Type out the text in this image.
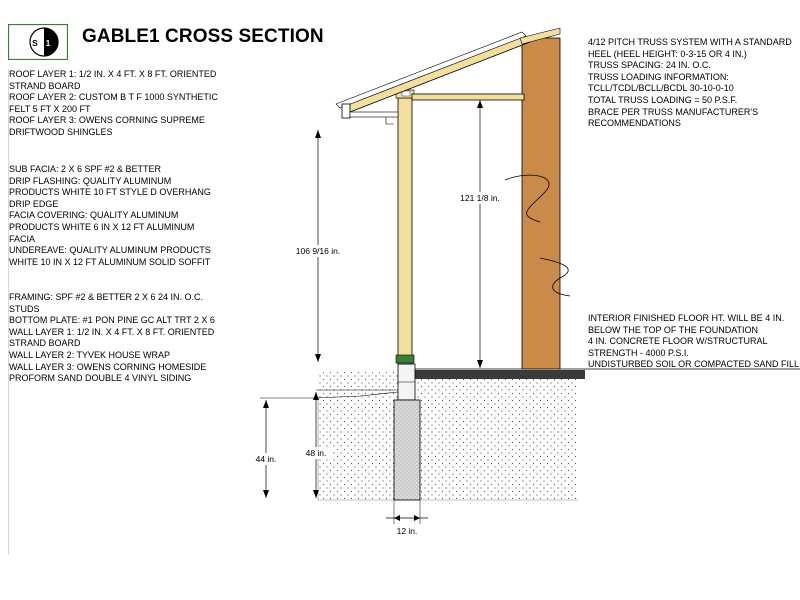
S 1 GABLE1 CROSS SECTION
ROOF LAYER 1: 1/2 IN. X 4 FT. X 8 FT. ORIENTED
STRAND BOARD
ROOF LAYER 2: CUSTOM B T F 1000 SYNTHETIC
FELT 5 FT X 200 FT
ROOF LAYER 3: OWENS CORNING SUPREME
DRIFTWOOD SHINGLES
SUB FACIA: 2 X 6 SPF #2 & BETTER
DRIP FLASHING: QUALITY ALUMINUM
PRODUCTS WHITE 10 FT STYLE D OVERHANG
DRIP EDGE
FACIA COVERING: QUALITY ALUMINUM
PRODUCTS WHITE 6 IN X 12 FT ALUMINUM
FACIA
UNDEREAVE: QUALITY ALUMINUM PRODUCTS
WHITE 10 IN X 12 FT ALUMINUM SOLID SOFFIT
FRAMING: SPF #2 & BETTER 2 X 6 24 IN. O.C.
STUDS
BOTTOM PLATE: #1 PON PINE GC ALT TRT 2 X 6
WALL LAYER 1: 1/2 IN. X 4 FT. X 8 FT. ORIENTED
STRAND BOARD
WALL LAYER 2: TYVEK HOUSE WRAP
WALL LAYER 3: OWENS CORNING HOMESIDE
PROFORM SAND DOUBLE 4 VINYL SIDING
4/12 PITCH TRUSS SYSTEM WITH A STANDARD
HEEL (HEEL HEIGHT: 0-3-15 OR 4 IN.)
TRUSS SPACING: 24 IN. O.C.
TRUSS LOADING INFORMATION:
TCLL/TCDL/BCLL/BCDL 30-10-0-10
TOTAL TRUSS LOADING = 50 P.S.F.
BRACE PER TRUSS MANUFACTURER'S
RECOMMENDATIONS
INTERIOR FINISHED FLOOR HT. WILL BE 4 IN.
BELOW THE TOP OF THE FOUNDATION
4 IN. CONCRETE FLOOR W/STRUCTURAL
STRENGTH - 4000 P.S.I.
UNDISTURBED SOIL OR COMPACTED SAND FILL
106 9/16 in.
121 1/8 in.
44 in.
48 in.
12 in.
